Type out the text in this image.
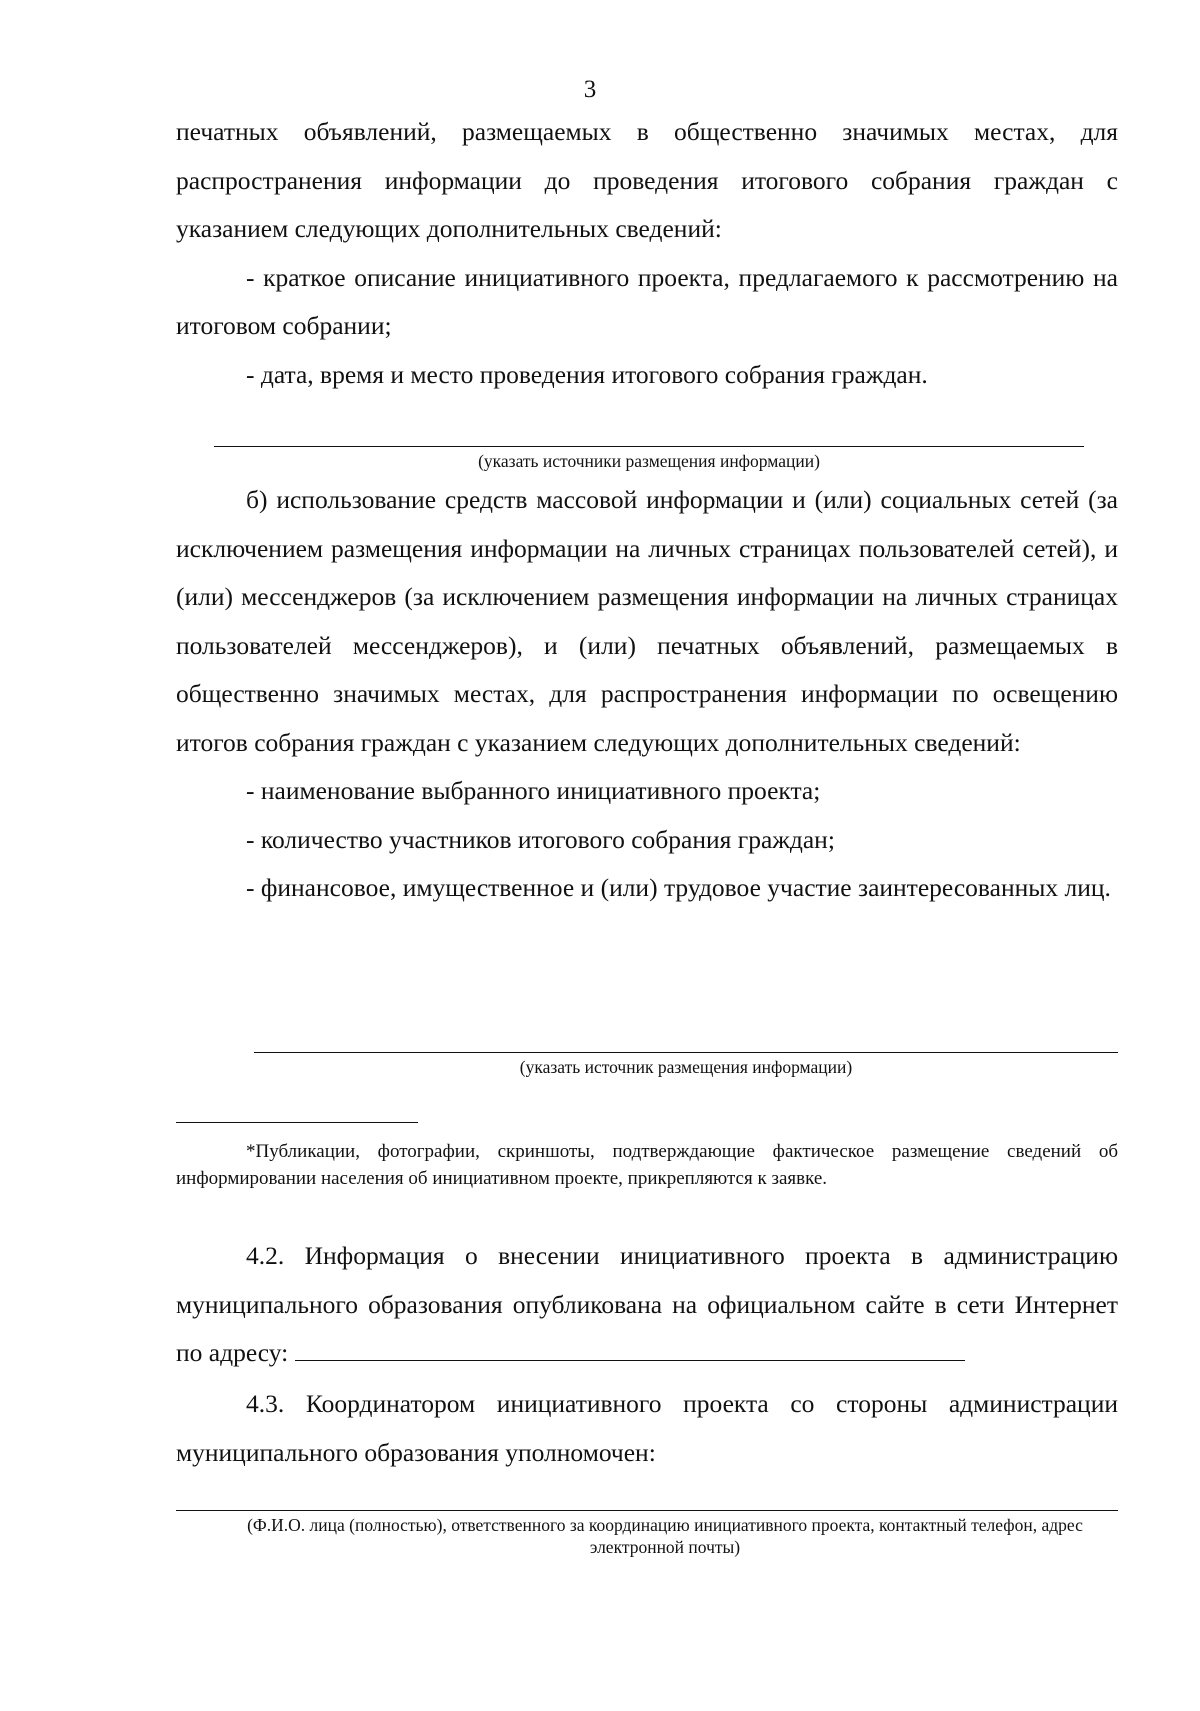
3

печатных объявлений, размещаемых в общественно значимых местах, для распространения информации до проведения итогового собрания граждан с указанием следующих дополнительных сведений:

- краткое описание инициативного проекта, предлагаемого к рассмотрению на итоговом собрании;

- дата, время и место проведения итогового собрания граждан.

(указать источники размещения информации)

б) использование средств массовой информации и (или) социальных сетей (за исключением размещения информации на личных страницах пользователей сетей), и (или) мессенджеров (за исключением размещения информации на личных страницах пользователей мессенджеров), и (или) печатных объявлений, размещаемых в общественно значимых местах, для распространения информации по освещению итогов собрания граждан с указанием следующих дополнительных сведений:

- наименование выбранного инициативного проекта;

- количество участников итогового собрания граждан;

- финансовое, имущественное и (или) трудовое участие заинтересованных лиц.

(указать источник размещения информации)

*Публикации, фотографии, скриншоты, подтверждающие фактическое размещение сведений об информировании населения об инициативном проекте, прикрепляются к заявке.

4.2. Информация о внесении инициативного проекта в администрацию муниципального образования опубликована на официальном сайте в сети Интернет по адресу:

4.3. Координатором инициативного проекта со стороны администрации муниципального образования уполномочен:

(Ф.И.О. лица (полностью), ответственного за координацию инициативного проекта, контактный телефон, адрес электронной почты)
